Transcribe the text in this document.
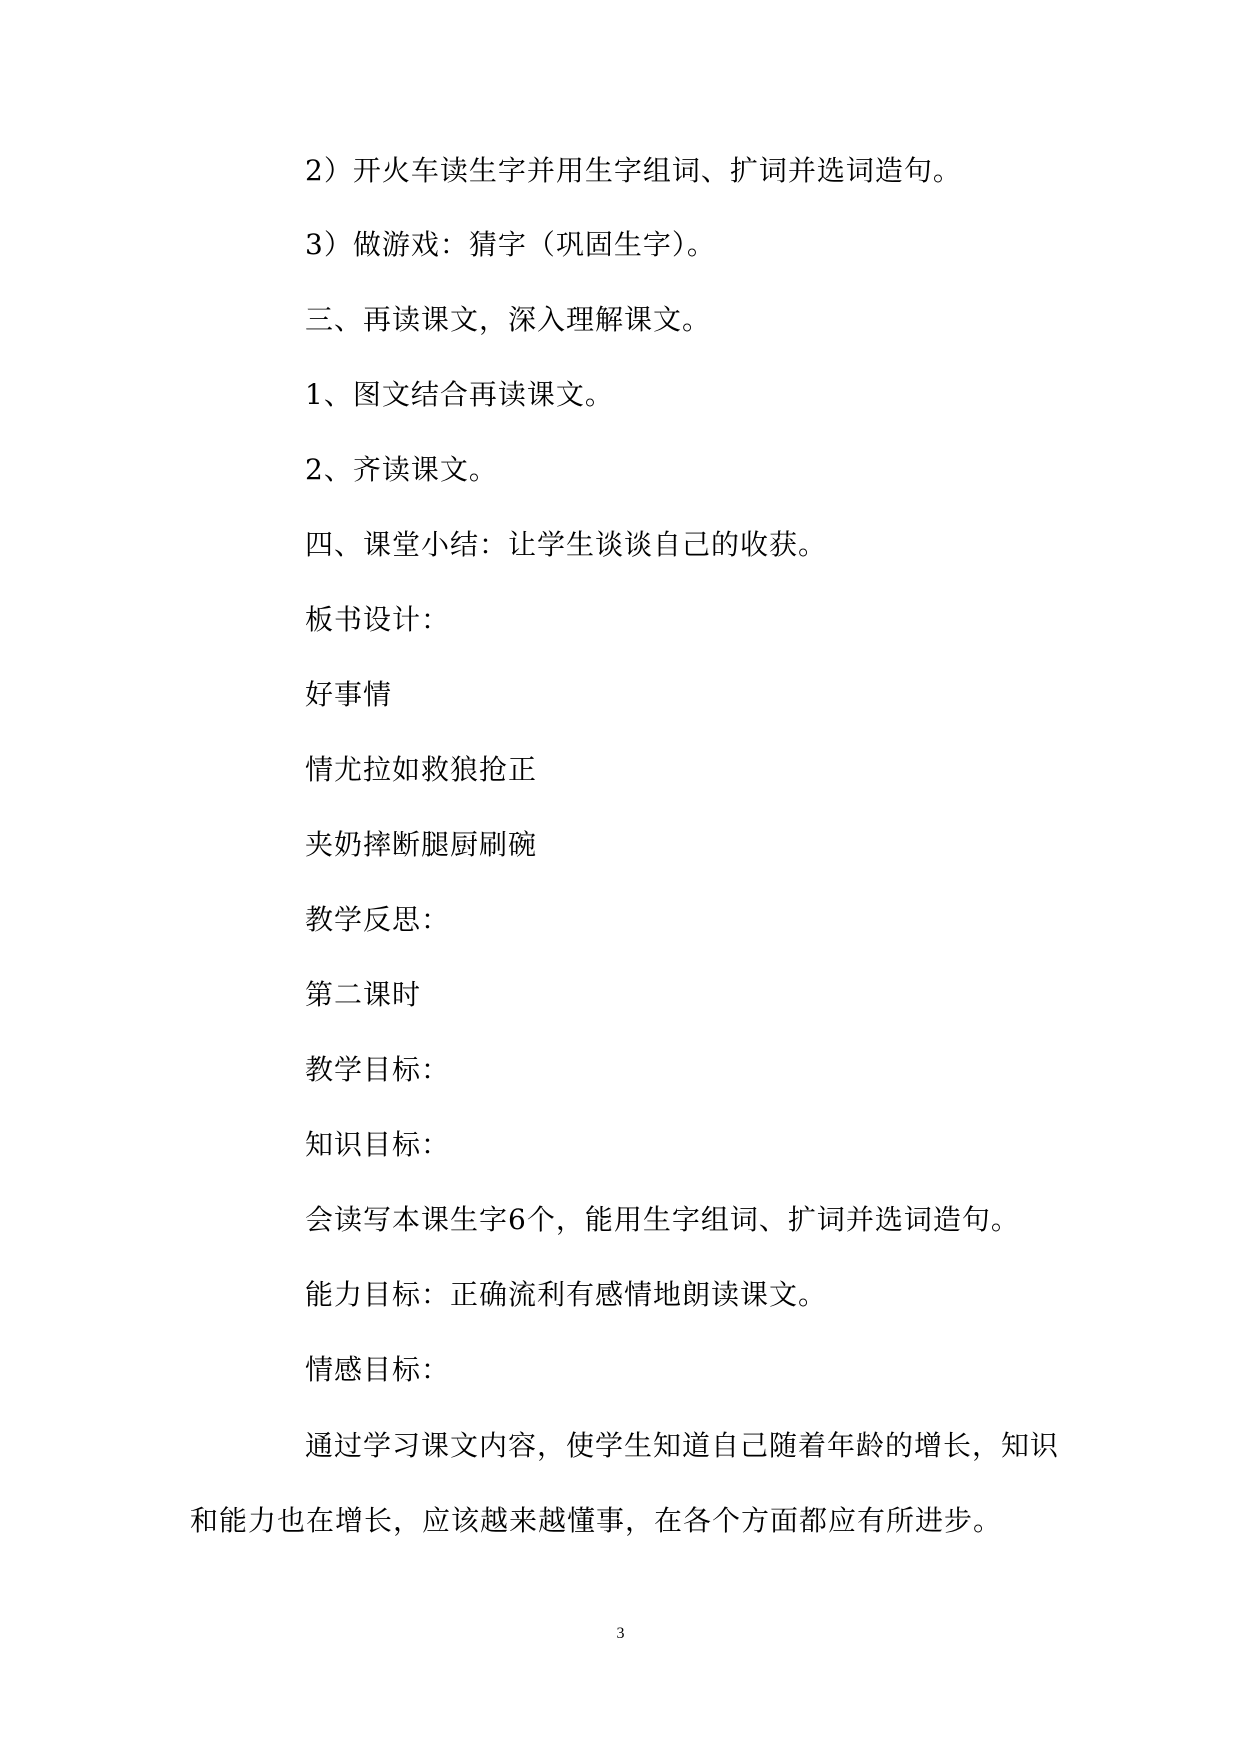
2）开火车读生字并用生字组词、扩词并选词造句。
3）做游戏：猜字（巩固生字）。
三、再读课文，深入理解课文。
1、图文结合再读课文。
2、齐读课文。
四、课堂小结：让学生谈谈自己的收获。
板书设计：
好事情
情尤拉如救狼抢正
夹奶摔断腿厨刷碗
教学反思：
第二课时
教学目标：
知识目标：
会读写本课生字6个，能用生字组词、扩词并选词造句。
能力目标：正确流利有感情地朗读课文。
情感目标：
通过学习课文内容，使学生知道自己随着年龄的增长，知识
和能力也在增长，应该越来越懂事，在各个方面都应有所进步。
3
